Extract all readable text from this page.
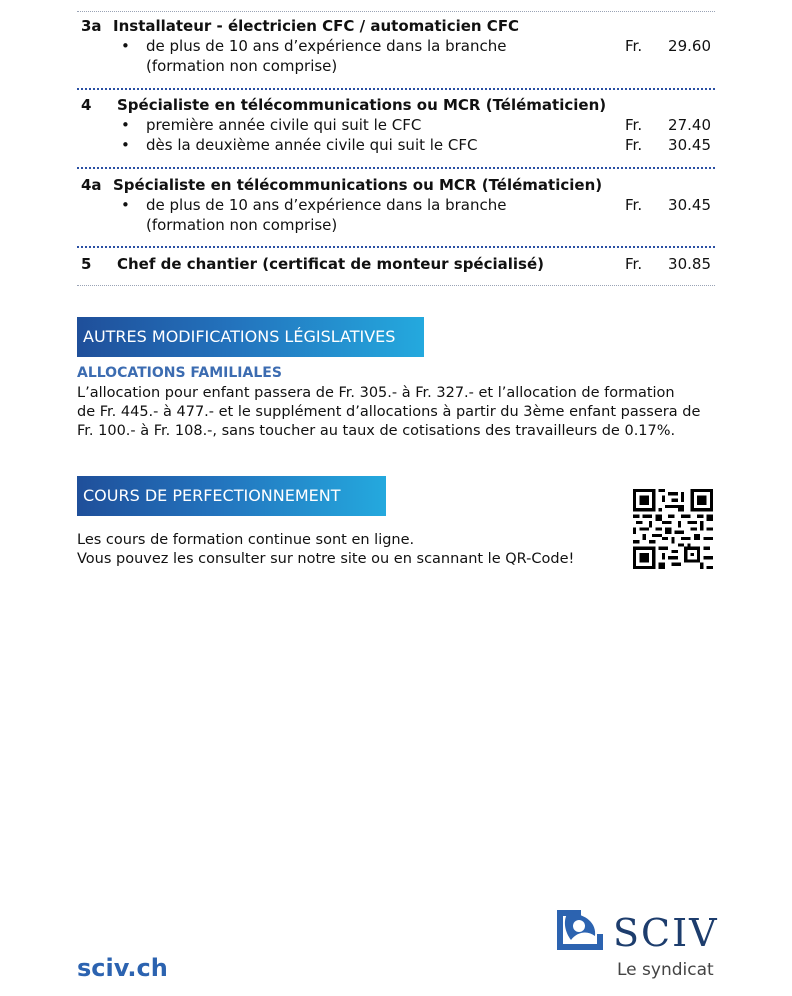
3a Installateur - électricien CFC / automaticien CFC
• de plus de 10 ans d’expérience dans la branche	Fr. 29.60
(formation non comprise)
4 Spécialiste en télécommunications ou MCR (Télématicien)
• première année civile qui suit le CFC	Fr. 27.40
• dès la deuxième année civile qui suit le CFC	Fr. 30.45
4a Spécialiste en télécommunications ou MCR (Télématicien)
• de plus de 10 ans d’expérience dans la branche	Fr. 30.45
(formation non comprise)
5 Chef de chantier (certificat de monteur spécialisé)	Fr. 30.85
AUTRES MODIFICATIONS LÉGISLATIVES
ALLOCATIONS FAMILIALES
L’allocation pour enfant passera de Fr. 305.- à Fr. 327.- et l’allocation de formation
de Fr. 445.- à 477.- et le supplément d’allocations à partir du 3ème enfant passera de
Fr. 100.- à Fr. 108.-, sans toucher au taux de cotisations des travailleurs de 0.17%.
COURS DE PERFECTIONNEMENT
Les cours de formation continue sont en ligne.
Vous pouvez les consulter sur notre site ou en scannant le QR-Code!
sciv.ch
SCIV
Le syndicat
